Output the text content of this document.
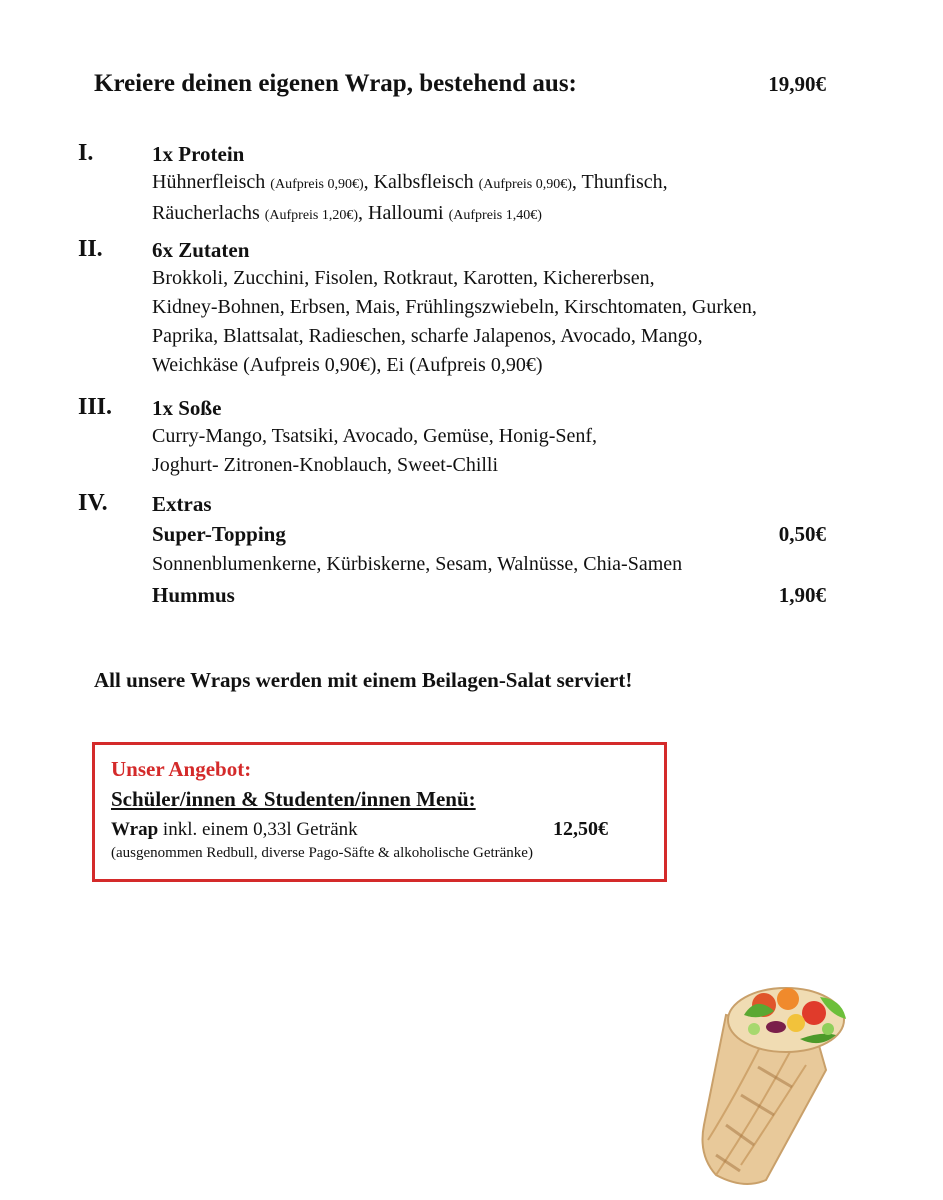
Kreiere deinen eigenen Wrap, bestehend aus:	19,90€
I.	1x Protein
Hühnerfleisch (Aufpreis 0,90€), Kalbsfleisch (Aufpreis 0,90€), Thunfisch,
Räucherlachs (Aufpreis 1,20€), Halloumi (Aufpreis 1,40€)
II. 6x Zutaten
Brokkoli, Zucchini, Fisolen, Rotkraut, Karotten, Kichererbsen,
Kidney-Bohnen, Erbsen, Mais, Frühlingszwiebeln, Kirschtomaten, Gurken,
Paprika, Blattsalat, Radieschen, scharfe Jalapenos, Avocado, Mango,
Weichkäse (Aufpreis 0,90€), Ei (Aufpreis 0,90€)
III. 1x Soße
Curry-Mango, Tsatsiki, Avocado, Gemüse, Honig-Senf,
Joghurt- Zitronen-Knoblauch, Sweet-Chilli
IV. Extras
Super-Topping	0,50€
Sonnenblumenkerne, Kürbiskerne, Sesam, Walnüsse, Chia-Samen
Hummus	1,90€
All unsere Wraps werden mit einem Beilagen-Salat serviert!
Unser Angebot:
Schüler/innen & Studenten/innen Menü:
Wrap inkl. einem 0,33l Getränk	12,50€
(ausgenommen Redbull, diverse Pago-Säfte & alkoholische Getränke)
